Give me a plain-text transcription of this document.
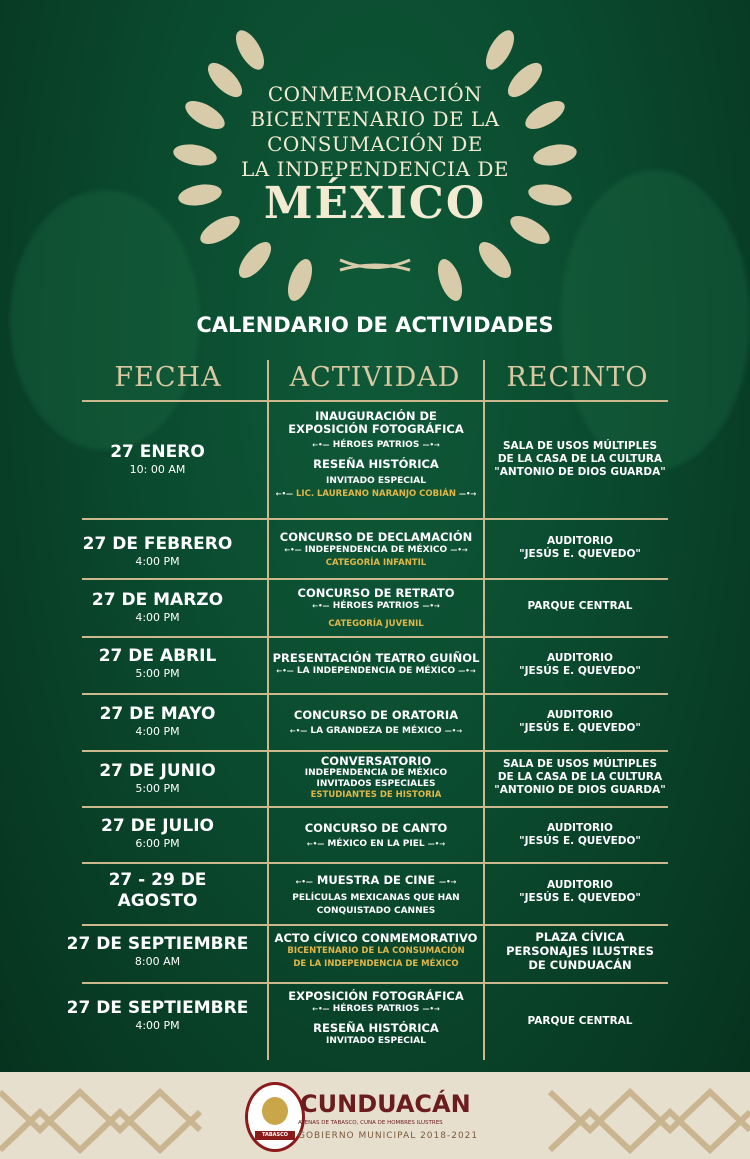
CONMEMORACIÓN
BICENTENARIO DE LA
CONSUMACIÓN DE
LA INDEPENDENCIA DE
MÉXICO
CALENDARIO DE ACTIVIDADES
FECHA	ACTIVIDAD	RECINTO
27 ENERO
10: 00 AM
INAUGURACIÓN DE
EXPOSICIÓN FOTOGRÁFICA
←•— HÉROES PATRIOS —•→
RESEÑA HISTÓRICA
INVITADO ESPECIAL
←•— LIC. LAUREANO NARANJO COBIÁN —•→
SALA DE USOS MÚLTIPLES
DE LA CASA DE LA CULTURA
"ANTONIO DE DIOS GUARDA"
27 DE FEBRERO
4:00 PM
CONCURSO DE DECLAMACIÓN
←•— INDEPENDENCIA DE MÉXICO —•→
CATEGORÍA INFANTIL
AUDITORIO
"JESÚS E. QUEVEDO"
27 DE MARZO
4:00 PM
CONCURSO DE RETRATO
←•— HÉROES PATRIOS —•→
CATEGORÍA JUVENIL
PARQUE CENTRAL
27 DE ABRIL
5:00 PM
PRESENTACIÓN TEATRO GUIÑOL
←•— LA INDEPENDENCIA DE MÉXICO —•→
AUDITORIO
"JESÚS E. QUEVEDO"
27 DE MAYO
4:00 PM
CONCURSO DE ORATORIA
←•— LA GRANDEZA DE MÉXICO —•→
AUDITORIO
"JESÚS E. QUEVEDO"
27 DE JUNIO
5:00 PM
CONVERSATORIO
INDEPENDENCIA DE MÉXICO
INVITADOS ESPECIALES
ESTUDIANTES DE HISTORIA
SALA DE USOS MÚLTIPLES
DE LA CASA DE LA CULTURA
"ANTONIO DE DIOS GUARDA"
27 DE JULIO
6:00 PM
CONCURSO DE CANTO
←•— MÉXICO EN LA PIEL —•→
AUDITORIO
"JESÚS E. QUEVEDO"
27 - 29 DE
AGOSTO
←•— MUESTRA DE CINE —•→
PELÍCULAS MEXICANAS QUE HAN
CONQUISTADO CANNES
AUDITORIO
"JESÚS E. QUEVEDO"
27 DE SEPTIEMBRE
8:00 AM
ACTO CÍVICO CONMEMORATIVO
BICENTENARIO DE LA CONSUMACIÓN
DE LA INDEPENDENCIA DE MÉXICO
PLAZA CÍVICA
PERSONAJES ILUSTRES
DE CUNDUACÁN
27 DE SEPTIEMBRE
4:00 PM
EXPOSICIÓN FOTOGRÁFICA
←•— HÉROES PATRIOS —•→
RESEÑA HISTÓRICA
INVITADO ESPECIAL
PARQUE CENTRAL
TABASCO
CUNDUACÁN
ATENAS DE TABASCO, CUNA DE HOMBRES ILUSTRES
GOBIERNO MUNICIPAL 2018-2021
